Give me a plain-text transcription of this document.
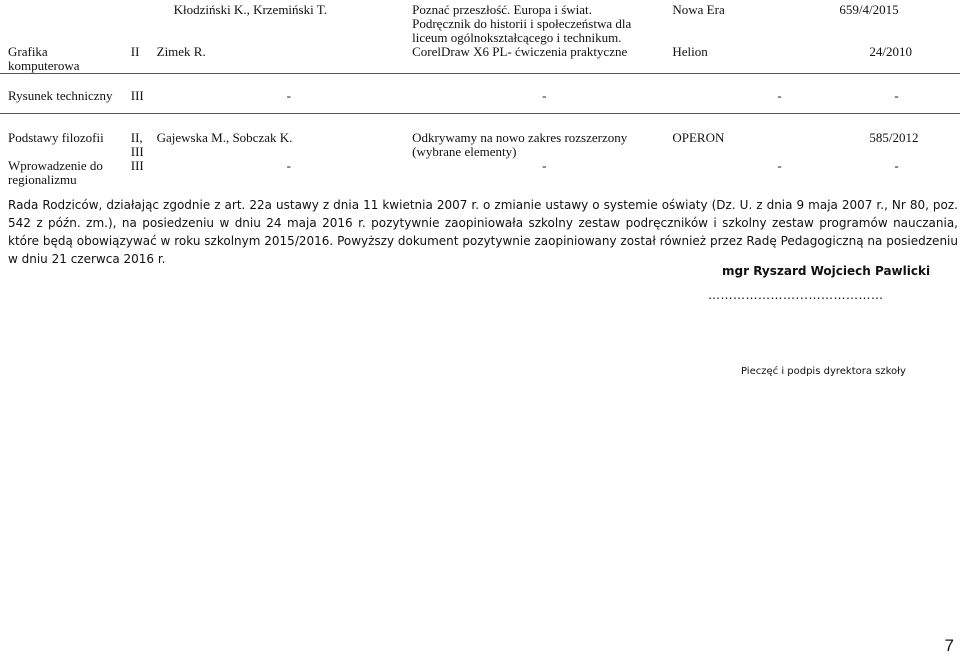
		Kłodziński K., Krzemiński T.	Poznać przeszłość. Europa i świat. Podręcznik do historii i społeczeństwa dla liceum ogólnokształcącego i technikum.	Nowa Era	659/4/2015
Grafika komputerowa	II	Zimek R.	CorelDraw X6 PL- ćwiczenia praktyczne	Helion	24/2010
Rysunek techniczny	III	-	-	-	-
Podstawy filozofii	II, III	Gajewska M., Sobczak K.	Odkrywamy na nowo zakres rozszerzony (wybrane elementy)	OPERON	585/2012
Wprowadzenie do regionalizmu	III	-	-	-	-
Rada Rodziców, działając zgodnie z art. 22a ustawy z dnia 11 kwietnia 2007 r. o zmianie ustawy o systemie oświaty (Dz. U. z dnia 9 maja 2007 r., Nr 80, poz. 542 z późn. zm.), na posiedzeniu w dniu 24 maja 2016 r. pozytywnie zaopiniowała szkolny zestaw podręczników i szkolny zestaw programów nauczania, które będą obowiązywać w roku szkolnym 2015/2016. Powyższy dokument pozytywnie zaopiniowany został również przez Radę Pedagogiczną na posiedzeniu w dniu 21 czerwca 2016 r.
mgr Ryszard Wojciech Pawlicki
…………………...………………
Pieczęć i podpis dyrektora szkoły
7
